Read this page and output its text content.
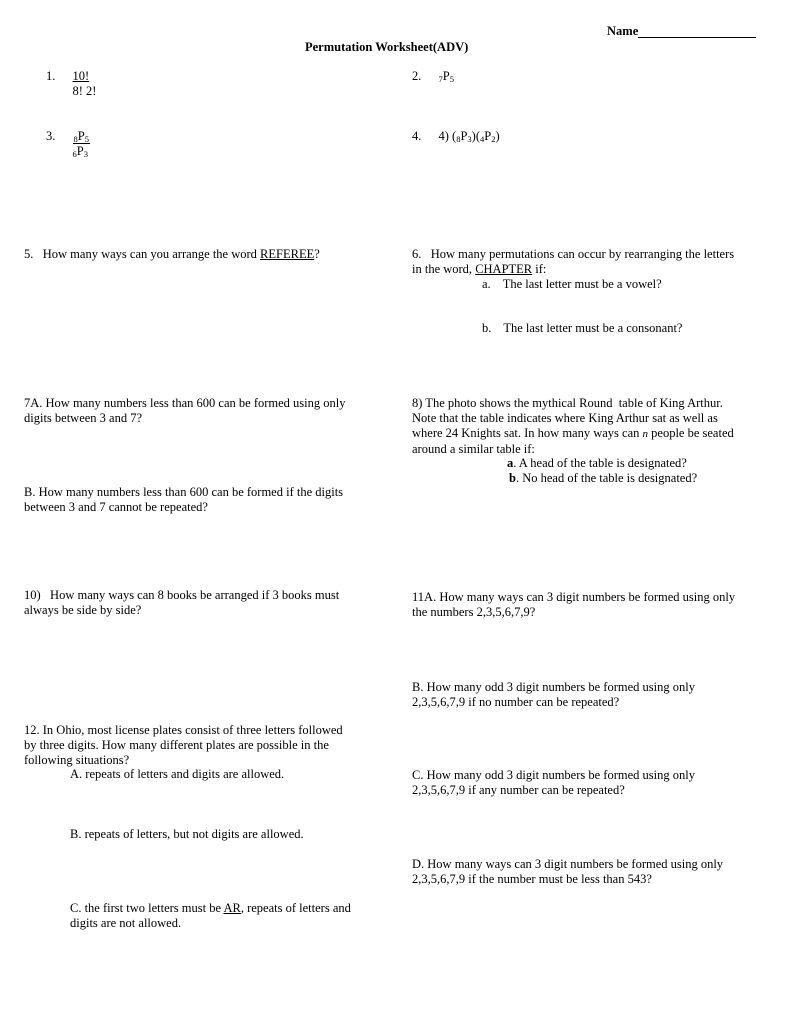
Name
Permutation Worksheet(ADV)
1. 10!
8! 2!
2. $_7P_5$
3. $_8P_5$
$_6P_3$
4. 4) $(_8P_3)(_4P_2)$
5.   How many ways can you arrange the word REFEREE?	6.   How many permutations can occur by rearranging the letters
in the word, CHAPTER if:
a. The last letter must be a vowel?
b. The last letter must be a consonant?
7A. How many numbers less than 600 can be formed using only
digits between 3 and 7?
B. How many numbers less than 600 can be formed if the digits
between 3 and 7 cannot be repeated?
8) The photo shows the mythical Round  table of King Arthur.
Note that the table indicates where King Arthur sat as well as
where 24 Knights sat. In how many ways can n people be seated
around a similar table if:
a. A head of the table is designated?
b. No head of the table is designated?
10)   How many ways can 8 books be arranged if 3 books must
always be side by side?
11A. How many ways can 3 digit numbers be formed using only
the numbers 2,3,5,6,7,9?
B. How many odd 3 digit numbers be formed using only
2,3,5,6,7,9 if no number can be repeated?
12. In Ohio, most license plates consist of three letters followed
by three digits. How many different plates are possible in the
following situations?
A. repeats of letters and digits are allowed.
B. repeats of letters, but not digits are allowed.
C. the first two letters must be AR, repeats of letters and
digits are not allowed.
C. How many odd 3 digit numbers be formed using only
2,3,5,6,7,9 if any number can be repeated?
D. How many ways can 3 digit numbers be formed using only
2,3,5,6,7,9 if the number must be less than 543?
